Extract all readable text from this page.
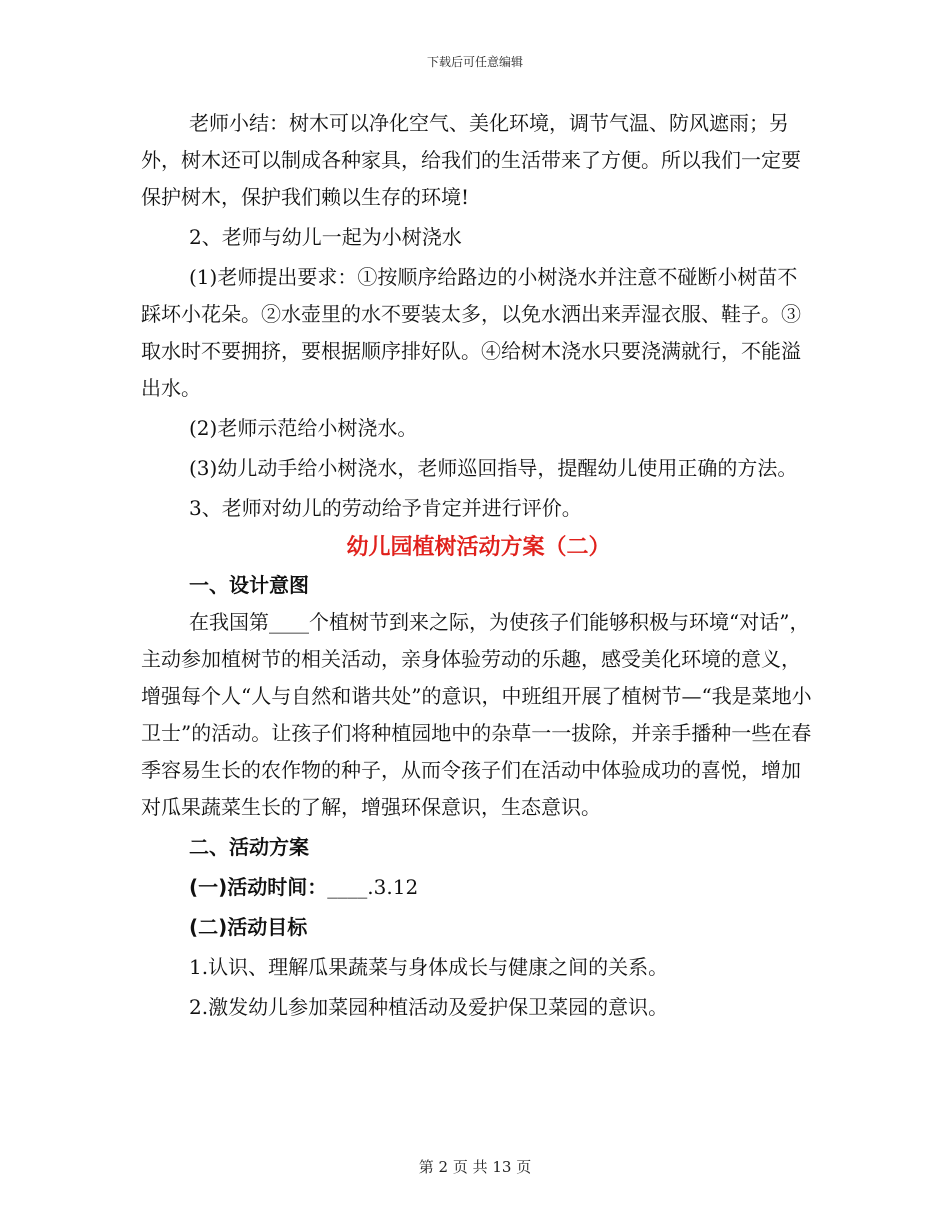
下载后可任意编辑

老师小结：树木可以净化空气、美化环境，调节气温、防风遮雨；另外，树木还可以制成各种家具，给我们的生活带来了方便。所以我们一定要保护树木，保护我们赖以生存的环境!

2、老师与幼儿一起为小树浇水

(1)老师提出要求：①按顺序给路边的小树浇水并注意不碰断小树苗不踩坏小花朵。②水壶里的水不要装太多，以免水洒出来弄湿衣服、鞋子。③取水时不要拥挤，要根据顺序排好队。④给树木浇水只要浇满就行，不能溢出水。

(2)老师示范给小树浇水。

(3)幼儿动手给小树浇水，老师巡回指导，提醒幼儿使用正确的方法。

3、老师对幼儿的劳动给予肯定并进行评价。

幼儿园植树活动方案（二）

一、设计意图

在我国第____个植树节到来之际，为使孩子们能够积极与环境“对话”，主动参加植树节的相关活动，亲身体验劳动的乐趣，感受美化环境的意义，增强每个人“人与自然和谐共处”的意识，中班组开展了植树节—“我是菜地小卫士”的活动。让孩子们将种植园地中的杂草一一拔除，并亲手播种一些在春季容易生长的农作物的种子，从而令孩子们在活动中体验成功的喜悦，增加对瓜果蔬菜生长的了解，增强环保意识，生态意识。

二、活动方案

(一)活动时间：____.3.12

(二)活动目标

1.认识、理解瓜果蔬菜与身体成长与健康之间的关系。

2.激发幼儿参加菜园种植活动及爱护保卫菜园的意识。

第 2 页 共 13 页
